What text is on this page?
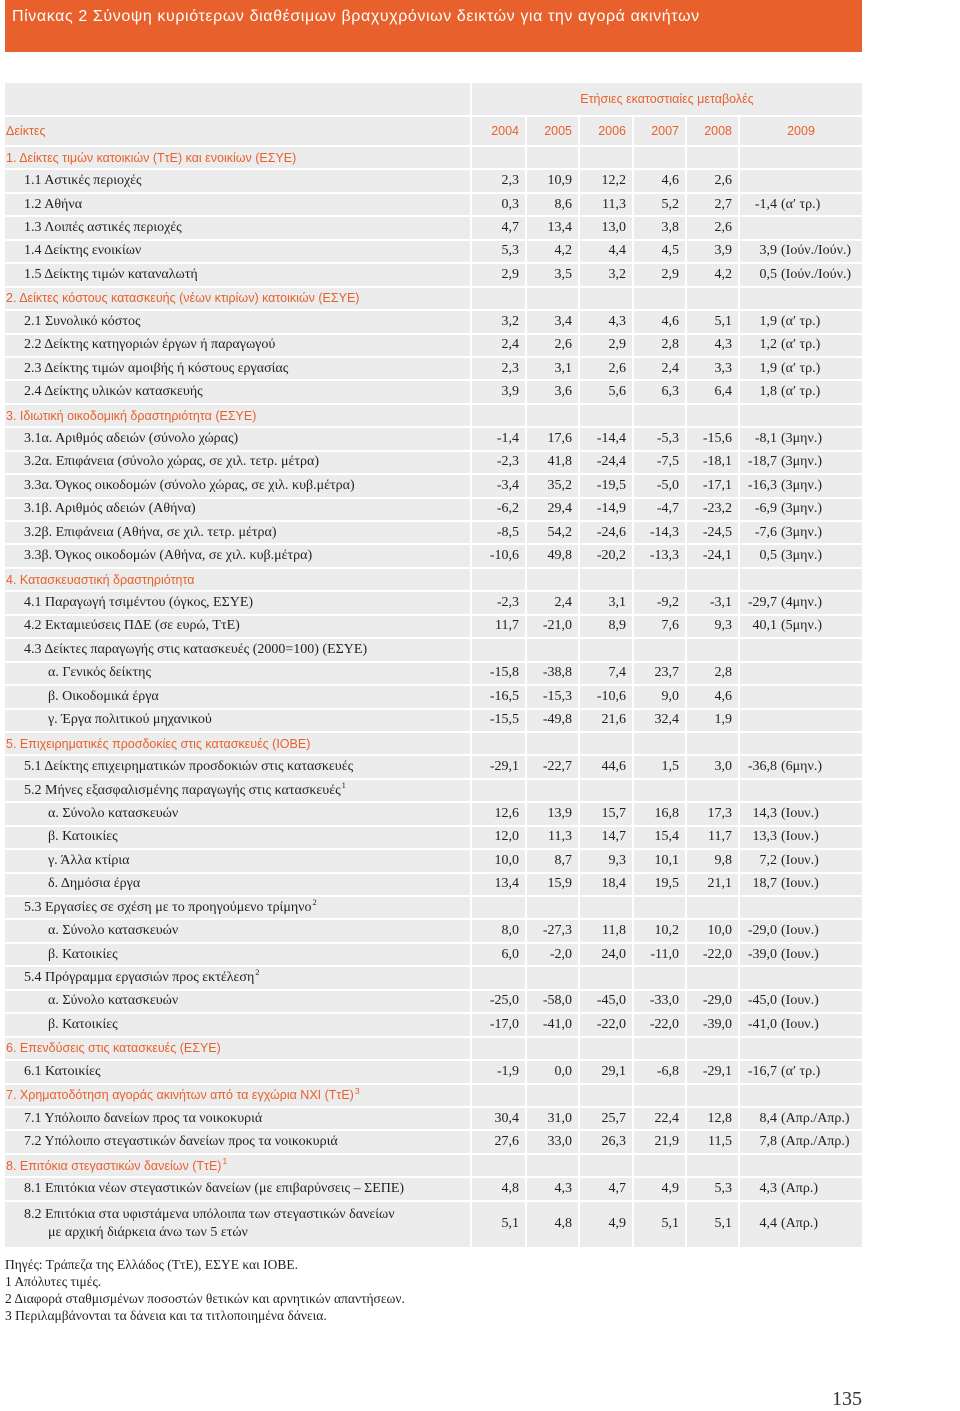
Πίνακας 2 Σύνοψη κυριότερων διαθέσιμων βραχυχρόνιων δεικτών για την αγορά ακινήτων
Ετήσιες εκατοστιαίες μεταβολές
Δείκτες	2004	2005	2006	2007	2008	2009
1. Δείκτες τιμών κατοικιών (ΤτΕ) και ενοικίων (ΕΣΥΕ)
1.1 Αστικές περιοχές	2,3	10,9	12,2	4,6	2,6
1.2 Αθήνα	0,3	8,6	11,3	5,2	2,7	-1,4 (α′ τρ.)
1.3 Λοιπές αστικές περιοχές	4,7	13,4	13,0	3,8	2,6
1.4 Δείκτης ενοικίων	5,3	4,2	4,4	4,5	3,9	3,9 (Ιούν./Ιούν.)
1.5 Δείκτης τιμών καταναλωτή	2,9	3,5	3,2	2,9	4,2	0,5 (Ιούν./Ιούν.)
2. Δείκτες κόστους κατασκευής (νέων κτιρίων) κατοικιών (ΕΣΥΕ)
2.1 Συνολικό κόστος	3,2	3,4	4,3	4,6	5,1	1,9 (α′ τρ.)
2.2 Δείκτης κατηγοριών έργων ή παραγωγού	2,4	2,6	2,9	2,8	4,3	1,2 (α′ τρ.)
2.3 Δείκτης τιμών αμοιβής ή κόστους εργασίας	2,3	3,1	2,6	2,4	3,3	1,9 (α′ τρ.)
2.4 Δείκτης υλικών κατασκευής	3,9	3,6	5,6	6,3	6,4	1,8 (α′ τρ.)
3. Ιδιωτική οικοδομική δραστηριότητα (ΕΣΥΕ)
3.1α. Αριθμός αδειών (σύνολο χώρας)	-1,4	17,6	-14,4	-5,3	-15,6	-8,1 (3μην.)
3.2α. Επιφάνεια (σύνολο χώρας, σε χιλ. τετρ. μέτρα)	-2,3	41,8	-24,4	-7,5	-18,1	-18,7 (3μην.)
3.3α. Όγκος οικοδομών (σύνολο χώρας, σε χιλ. κυβ.μέτρα)	-3,4	35,2	-19,5	-5,0	-17,1	-16,3 (3μην.)
3.1β. Αριθμός αδειών (Αθήνα)	-6,2	29,4	-14,9	-4,7	-23,2	-6,9 (3μην.)
3.2β. Επιφάνεια (Αθήνα, σε χιλ. τετρ. μέτρα)	-8,5	54,2	-24,6	-14,3	-24,5	-7,6 (3μην.)
3.3β. Όγκος οικοδομών (Αθήνα, σε χιλ. κυβ.μέτρα)	-10,6	49,8	-20,2	-13,3	-24,1	0,5 (3μην.)
4. Κατασκευαστική δραστηριότητα
4.1 Παραγωγή τσιμέντου (όγκος, ΕΣΥΕ)	-2,3	2,4	3,1	-9,2	-3,1	-29,7 (4μην.)
4.2 Εκταμιεύσεις ΠΔΕ (σε ευρώ, ΤτΕ)	11,7	-21,0	8,9	7,6	9,3	40,1 (5μην.)
4.3 Δείκτες παραγωγής στις κατασκευές (2000=100) (ΕΣΥΕ)
α. Γενικός δείκτης	-15,8	-38,8	7,4	23,7	2,8
β. Οικοδομικά έργα	-16,5	-15,3	-10,6	9,0	4,6
γ. Έργα πολιτικού μηχανικού	-15,5	-49,8	21,6	32,4	1,9
5. Επιχειρηματικές προσδοκίες στις κατασκευές (ΙΟΒΕ)
5.1 Δείκτης επιχειρηματικών προσδοκιών στις κατασκευές	-29,1	-22,7	44,6	1,5	3,0	-36,8 (6μην.)
5.2 Μήνες εξασφαλισμένης παραγωγής στις κατασκευές$^1$
α. Σύνολο κατασκευών	12,6	13,9	15,7	16,8	17,3	14,3 (Ιουν.)
β. Κατοικίες	12,0	11,3	14,7	15,4	11,7	13,3 (Ιουν.)
γ. Άλλα κτίρια	10,0	8,7	9,3	10,1	9,8	7,2 (Ιουν.)
δ. Δημόσια έργα	13,4	15,9	18,4	19,5	21,1	18,7 (Ιουν.)
5.3 Εργασίες σε σχέση με το προηγούμενο τρίμηνο$^2$
α. Σύνολο κατασκευών	8,0	-27,3	11,8	10,2	10,0	-29,0 (Ιουν.)
β. Κατοικίες	6,0	-2,0	24,0	-11,0	-22,0	-39,0 (Ιουν.)
5.4 Πρόγραμμα εργασιών προς εκτέλεση$^2$
α. Σύνολο κατασκευών	-25,0	-58,0	-45,0	-33,0	-29,0	-45,0 (Ιουν.)
β. Κατοικίες	-17,0	-41,0	-22,0	-22,0	-39,0	-41,0 (Ιουν.)
6. Επενδύσεις στις κατασκευές (ΕΣΥΕ)
6.1 Κατοικίες	-1,9	0,0	29,1	-6,8	-29,1	-16,7 (α′ τρ.)
7. Χρηματοδότηση αγοράς ακινήτων από τα εγχώρια ΝΧΙ $(T\tau E)^3$
7.1 Υπόλοιπο δανείων προς τα νοικοκυριά	30,4	31,0	25,7	22,4	12,8	8,4 (Απρ./Απρ.)
7.2 Υπόλοιπο στεγαστικών δανείων προς τα νοικοκυριά	27,6	33,0	26,3	21,9	11,5	7,8 (Απρ./Απρ.)
8. Επιτόκια στεγαστικών δανείων $(T\tau E)^1$
8.1 Επιτόκια νέων στεγαστικών δανείων (με επιβαρύνσεις – ΣΕΠΕ)	4,8	4,3	4,7	4,9	5,3	4,3 (Απρ.)
8.2 Επιτόκια στα υφιστάμενα υπόλοιπα των στεγαστικών δανείων
με αρχική διάρκεια άνω των 5 ετών
5,1	4,8	4,9	5,1	5,1	4,4 (Απρ.)
Πηγές: Τράπεζα της Ελλάδος (ΤτΕ), ΕΣΥΕ και ΙΟΒΕ.
1 Απόλυτες τιμές.
2 Διαφορά σταθμισμένων ποσοστών θετικών και αρνητικών απαντήσεων.
3 Περιλαμβάνονται τα δάνεια και τα τιτλοποιημένα δάνεια.
135
